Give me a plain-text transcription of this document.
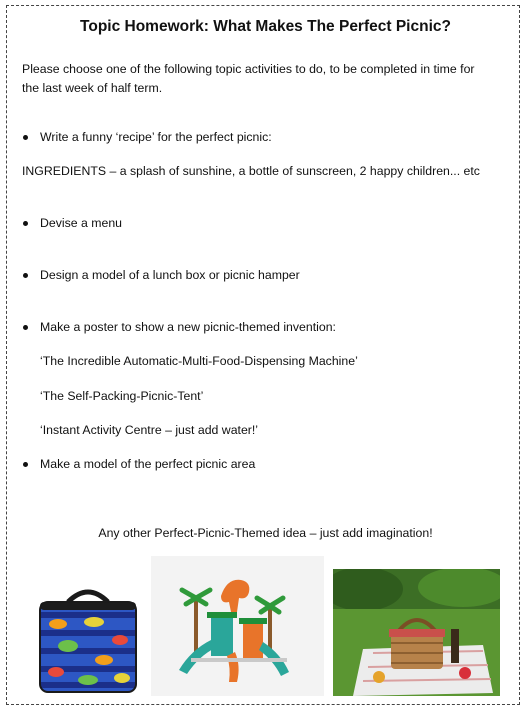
Topic Homework: What Makes The Perfect Picnic?
Please choose one of the following topic activities to do, to be completed in time for
the last week of half term.
Write a funny ‘recipe’ for the perfect picnic:
INGREDIENTS – a splash of sunshine, a bottle of sunscreen, 2 happy children... etc
Devise a menu
Design a model of a lunch box or picnic hamper
Make a poster to show a new picnic-themed invention:
‘The Incredible Automatic-Multi-Food-Dispensing Machine’
‘The Self-Packing-Picnic-Tent’
‘Instant Activity Centre – just add water!’
Make a model of the perfect picnic area
Any other Perfect-Picnic-Themed idea – just add imagination!
